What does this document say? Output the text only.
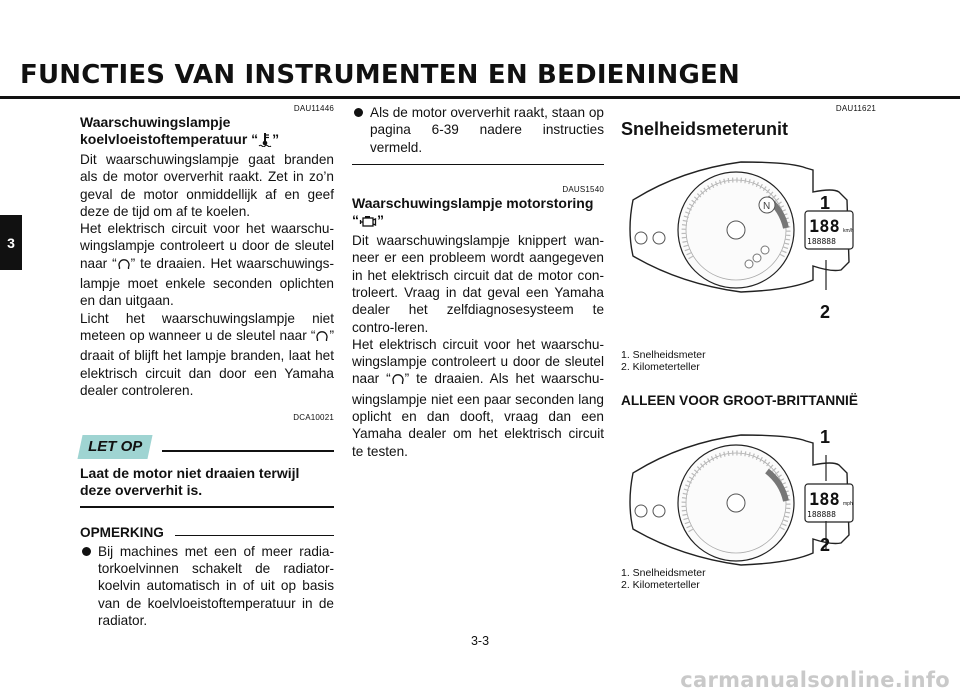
FUNCTIES VAN INSTRUMENTEN EN BEDIENINGEN
3
DAU11446
Waarschuwingslampje
koelvloeistoftemperatuur “ ”
Dit waarschuwingslampje gaat branden als de motor oververhit raakt. Zet in zo’n geval de motor onmiddellijk af en geef deze de tijd om af te koelen.
Het elektrisch circuit voor het waarschu-wingslampje controleert u door de sleutel naar “ ” te draaien. Het waarschuwings-lampje moet enkele seconden oplichten en dan uitgaan.
Licht het waarschuwingslampje niet meteen op wanneer u de sleutel naar “ ” draait of blijft het lampje branden, laat het elektrisch circuit dan door een Yamaha dealer controleren.
DCA10021
LET OP
Laat de motor niet draaien terwijl deze oververhit is.
OPMERKING
Bij machines met een of meer radia-torkoelvinnen schakelt de radiator-koelvin automatisch in of uit op basis van de koelvloeistoftemperatuur in de radiator.
Als de motor oververhit raakt, staan op pagina 6-39 nadere instructies vermeld.
DAUS1540
Waarschuwingslampje motorstoring
“ ”
Dit waarschuwingslampje knippert wan-neer er een probleem wordt aangegeven in het elektrisch circuit dat de motor con-troleert. Vraag in dat geval een Yamaha dealer het zelfdiagnosesysteem te contro-leren.
Het elektrisch circuit voor het waarschu-wingslampje controleert u door de sleutel naar “ ” te draaien. Als het waarschu-wingslampje niet een paar seconden lang oplicht en dan dooft, vraag dan een Yamaha dealer om het elektrisch circuit te testen.
DAU11621
Snelheidsmeterunit
N
188 km/h
188888
1
2
1. Snelheidsmeter
2. Kilometerteller
ALLEEN VOOR GROOT-BRITTANNIË
188 mph
188888
1
2
1. Snelheidsmeter
2. Kilometerteller
3-3
carmanualsonline.info
